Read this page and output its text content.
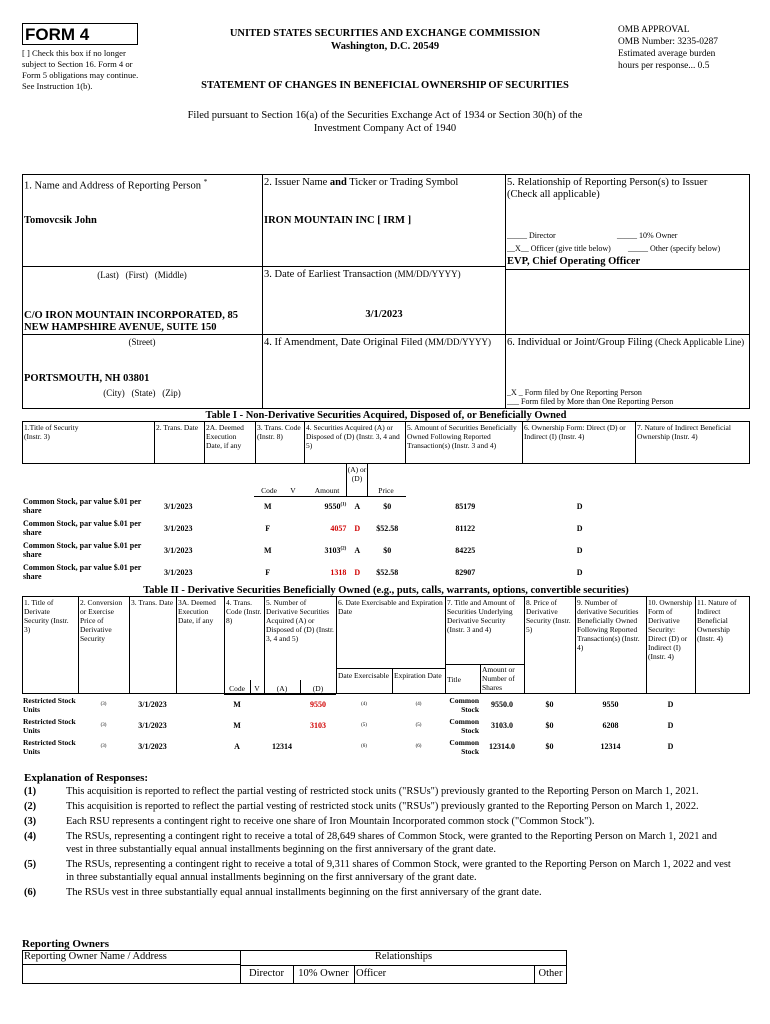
FORM 4
[ ] Check this box if no longer subject to Section 16. Form 4 or Form 5 obligations may continue. See Instruction 1(b).
UNITED STATES SECURITIES AND EXCHANGE COMMISSION
Washington, D.C. 20549
STATEMENT OF CHANGES IN BENEFICIAL OWNERSHIP OF SECURITIES
OMB APPROVAL
OMB Number: 3235-0287
Estimated average burden
hours per response... 0.5
Filed pursuant to Section 16(a) of the Securities Exchange Act of 1934 or Section 30(h) of the
Investment Company Act of 1940
1. Name and Address of Reporting Person *
Tomovcsik John
(Last)   (First)   (Middle)
C/O IRON MOUNTAIN INCORPORATED, 85
NEW HAMPSHIRE AVENUE, SUITE 150
(Street)
PORTSMOUTH, NH 03801
(City)   (State)   (Zip)
2. Issuer Name and Ticker or Trading Symbol
IRON MOUNTAIN INC [ IRM ]
3. Date of Earliest Transaction (MM/DD/YYYY)
3/1/2023
4. If Amendment, Date Original Filed (MM/DD/YYYY)
5. Relationship of Reporting Person(s) to Issuer
(Check all applicable)
_____ Director	_____ 10% Owner
__X__ Officer (give title below) _____ Other (specify below)
EVP, Chief Operating Officer
6. Individual or Joint/Group Filing (Check Applicable Line)
_X _ Form filed by One Reporting Person
___ Form filed by More than One Reporting Person
Table I - Non-Derivative Securities Acquired, Disposed of, or Beneficially Owned
1.Title of Security (Instr. 3)
2. Trans. Date	2A. Deemed Execution Date, if any
3. Trans. Code (Instr. 8)
4. Securities Acquired (A) or Disposed of (D) (Instr. 3, 4 and 5)
5. Amount of Securities Beneficially Owned Following Reported Transaction(s) (Instr. 3 and 4)
6. Ownership Form: Direct (D) or Indirect (I) (Instr. 4)
7. Nature of Indirect Beneficial Ownership (Instr. 4)
Code	V	Amount
(A) or (D)
Price
Common Stock, par value $.01 per share	3/1/2023		M		9550$^{(1)}$	A	$0	85179	D	
Common Stock, par value $.01 per share	3/1/2023		F		4057	D	$52.58	81122	D	
Common Stock, par value $.01 per share	3/1/2023		M		3103$^{(2)}$	A	$0	84225	D	
Common Stock, par value $.01 per share	3/1/2023		F		1318	D	$52.58	82907	D	
Table II - Derivative Securities Beneficially Owned (e.g., puts, calls, warrants, options, convertible securities)
1. Title of Derivate Security (Instr. 3)
2. Conversion or Exercise Price of Derivative Security
3. Trans. Date 3A. Deemed Execution Date, if any
4. Trans. Code (Instr. 8)
5. Number of Derivative Securities Acquired (A) or Disposed of (D) (Instr. 3, 4 and 5)
6. Date Exercisable and Expiration Date
7. Title and Amount of Securities Underlying Derivative Security (Instr. 3 and 4)
8. Price of Derivative Security (Instr. 5)
9. Number of derivative Securities Beneficially Owned Following Reported Transaction(s) (Instr. 4)
10. Ownership Form of Derivative Security: Direct (D) or Indirect (I) (Instr. 4)
11. Nature of Indirect Beneficial Ownership (Instr. 4)
Code	V	(A)	(D)
Date Exercisable Expiration Date Title
Amount or Number of Shares
Restricted Stock Units	(3)	3/1/2023		M			9550	(4)	(4)	Common Stock	9550.0	$0	9550	D	
Restricted Stock Units	(3)	3/1/2023		M			3103	(5)	(5)	Common Stock	3103.0	$0	6208	D	
Restricted Stock Units	(3)	3/1/2023		A		12314		(6)	(6)	Common Stock	12314.0	$0	12314	D	
Explanation of Responses:
(1)	This acquisition is reported to reflect the partial vesting of restricted stock units ("RSUs") previously granted to the Reporting Person on March 1, 2021.
(2)	This acquisition is reported to reflect the partial vesting of restricted stock units ("RSUs") previously granted to the Reporting Person on March 1, 2022.
(3)	Each RSU represents a contingent right to receive one share of Iron Mountain Incorporated common stock ("Common Stock").
(4)	The RSUs, representing a contingent right to receive a total of 28,649 shares of Common Stock, were granted to the Reporting Person on March 1, 2021 and vest in three substantially equal annual installments beginning on the first anniversary of the grant date.
(5)	The RSUs, representing a contingent right to receive a total of 9,311 shares of Common Stock, were granted to the Reporting Person on March 1, 2022 and vest in three substantially equal annual installments beginning on the first anniversary of the grant date.
(6)	The RSUs vest in three substantially equal annual installments beginning on the first anniversary of the grant date.
Reporting Owners
Reporting Owner Name / Address	Relationships
Director	10% Owner Officer	Other
